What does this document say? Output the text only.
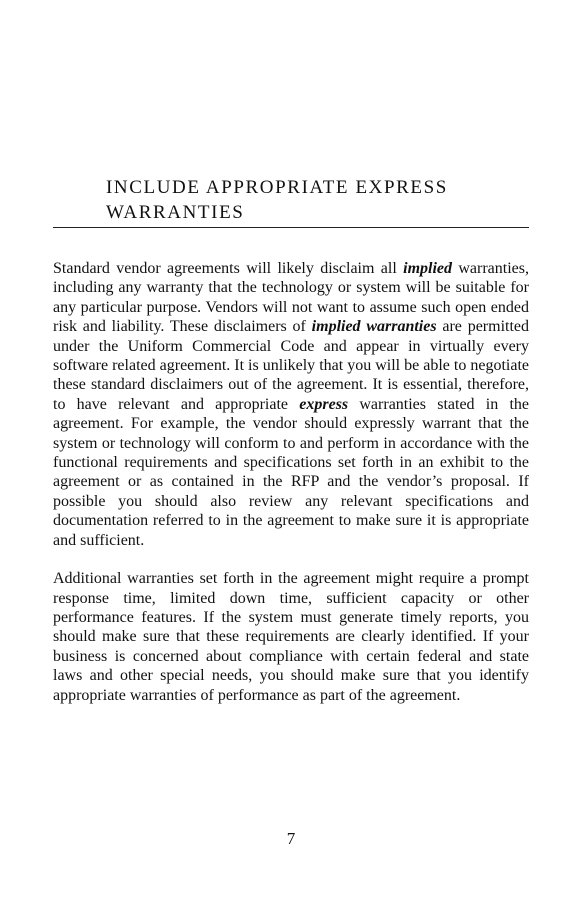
INCLUDE APPROPRIATE EXPRESS
WARRANTIES

Standard vendor agreements will likely disclaim all implied warranties, including any warranty that the technology or system will be suitable for any particular purpose. Vendors will not want to assume such open ended risk and liability. These disclaimers of implied warranties are permitted under the Uniform Commercial Code and appear in virtually every software related agreement. It is unlikely that you will be able to negotiate these standard disclaimers out of the agreement. It is essential, therefore, to have relevant and appropriate express warranties stated in the agreement. For example, the vendor should expressly warrant that the system or technology will conform to and perform in accordance with the functional requirements and specifications set forth in an exhibit to the agreement or as contained in the RFP and the vendor’s proposal. If possible you should also review any relevant specifications and documentation referred to in the agreement to make sure it is appropriate and sufficient.

Additional warranties set forth in the agreement might require a prompt response time, limited down time, sufficient capacity or other performance features. If the system must generate timely reports, you should make sure that these requirements are clearly identified. If your business is concerned about compliance with certain federal and state laws and other special needs, you should make sure that you identify appropriate warranties of performance as part of the agreement.

7
